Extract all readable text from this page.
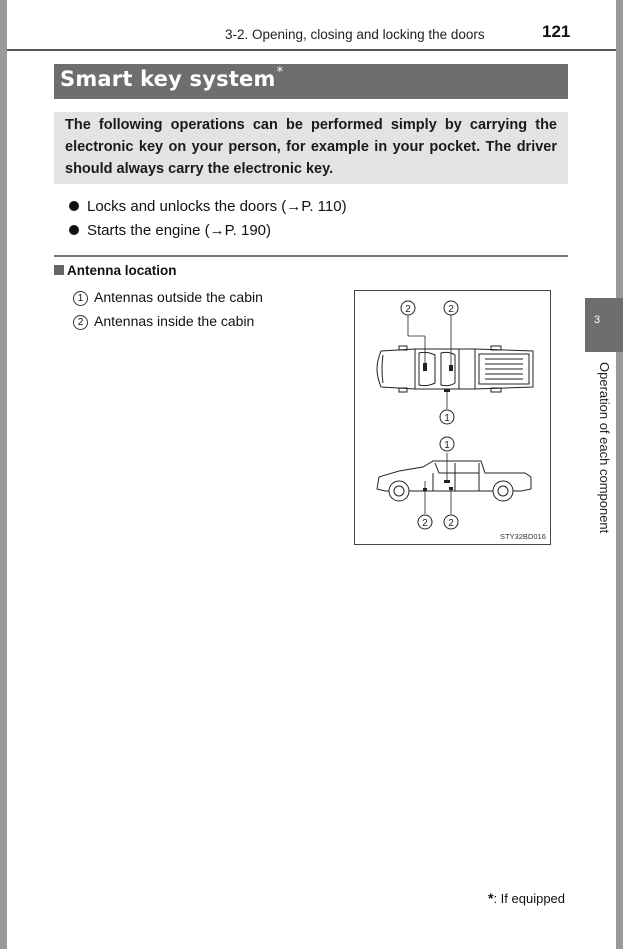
3-2. Opening, closing and locking the doors	121
Smart key system*
The following operations can be performed simply by carrying the electronic key on your person, for example in your pocket. The driver should always carry the electronic key.
Locks and unlocks the doors (→P. 110)
Starts the engine (→P. 190)
Antenna location
1 Antennas outside the cabin
2 Antennas inside the cabin
2	2
1
1
2 2
STY32BD016
3
Operation of each component
*: If equipped
